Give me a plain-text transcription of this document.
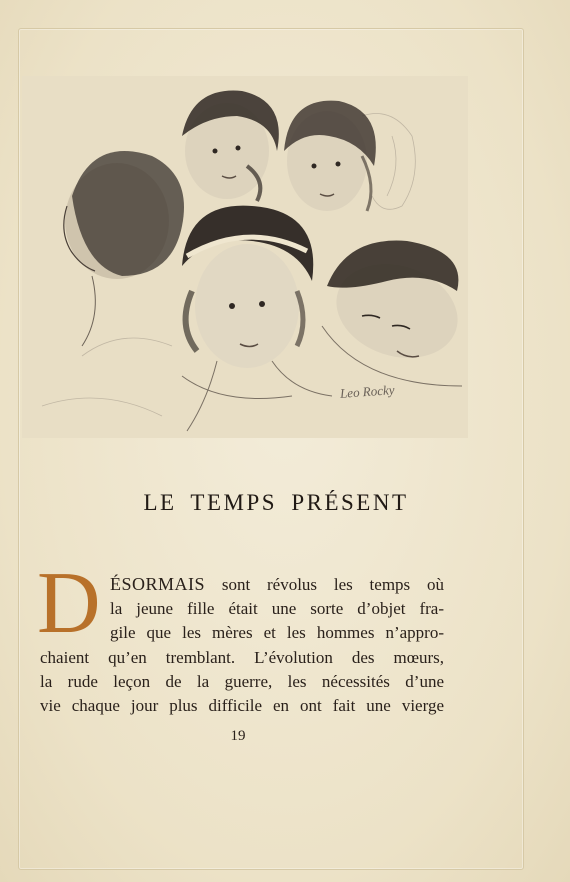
Leo Rocky
LE TEMPS PRÉSENT
D ÉSORMAIS sont révolus les temps où
la jeune fille était une sorte d’objet fra-
gile que les mères et les hommes n’appro-
chaient qu’en tremblant. L’évolution des mœurs,
la rude leçon de la guerre, les nécessités d’une
vie chaque jour plus difficile en ont fait une vierge
19
